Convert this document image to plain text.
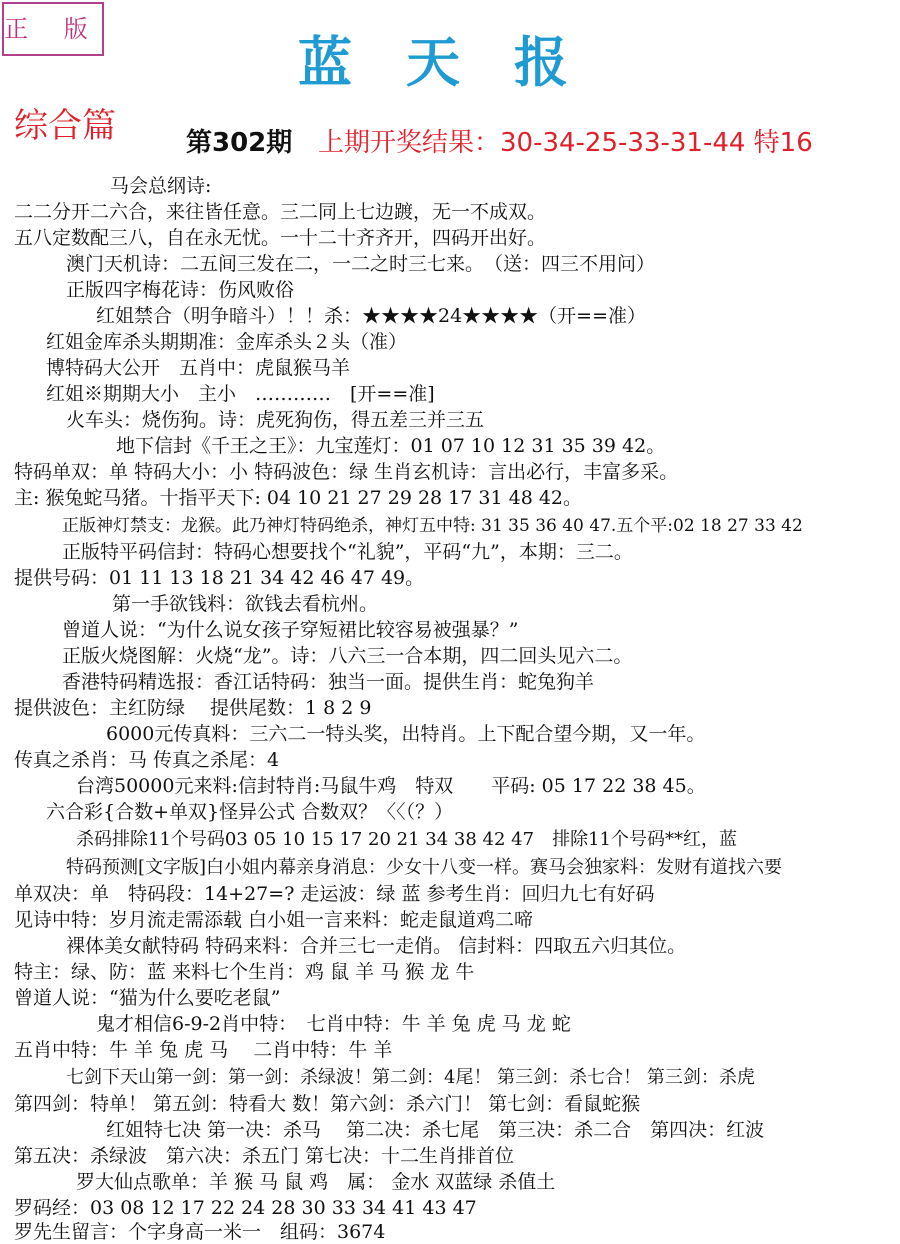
正 版
蓝天报
综合篇	第302期 上期开奖结果：30-34-25-33-31-44 特16
马会总纲诗:
二二分开二六合，来往皆任意。三二同上七边踱，无一不成双。
五八定数配三八，自在永无忧。一十二十齐齐开，四码开出好。
澳门天机诗：二五间三发在二，一二之时三七来。　（送：四三不用问）
正版四字梅花诗：伤风败俗
红姐禁合（明争暗斗）！！杀：★★★★24★★★★（开==准）
红姐金库杀头期期准：金库杀头２头（准）
博特码大公开　五肖中：虎鼠猴马羊
红姐※期期大小　主小　…………　[开==准]
火车头：烧伤狗。诗：虎死狗伤，得五差三并三五
地下信封《千王之王》：九宝莲灯：01 07 10 12 31 35 39 42。
特码单双：单 特码大小：小 特码波色：绿 生肖玄机诗：言出必行，丰富多采。
主: 猴兔蛇马猪。十指平天下: 04 10 21 27 29 28 17 31 48 42。
正版神灯禁支：龙猴。此乃神灯特码绝杀，神灯五中特: 31 35 36 40 47.五个平:02 18 27 33 42
正版特平码信封：特码心想要找个“礼貌”，平码“九”，本期：三二。
提供号码：01 11 13 18 21 34 42 46 47 49。
第一手欲钱料：欲钱去看杭州。
曾道人说：“为什么说女孩子穿短裙比较容易被强暴？”
正版火烧图解：火烧“龙”。诗：八六三一合本期，四二回头见六二。
香港特码精选报：香江话特码：独当一面。提供生肖：蛇兔狗羊
提供波色：主红防绿　 提供尾数：1 8 2 9
6000元传真料：三六二一特头奖，出特肖。上下配合望今期，又一年。
传真之杀肖：马 传真之杀尾：4
台湾50000元来料:信封特肖:马鼠牛鸡　特双　　平码: 05 17 22 38 45。
六合彩{合数+单双}怪异公式 合数双？〈〈（？）
杀码排除11个号码03 05 10 15 17 20 21 34 38 42 47　排除11个号码**红，蓝
特码预测[文字版]白小姐内幕亲身消息：少女十八变一样。赛马会独家料：发财有道找六要
单双决：单　特码段：14+27=? 走运波：绿 蓝 参考生肖：回归九七有好码
见诗中特：岁月流走需添载 白小姐一言来料：蛇走鼠道鸡二啼
裸体美女献特码 特码来料：合并三七一走俏。 信封料：四取五六归其位。
特主：绿、防：蓝 来料七个生肖：鸡 鼠 羊 马 猴 龙 牛
曾道人说：“猫为什么要吃老鼠”
鬼才相信6-9-2肖中特：　七肖中特：牛 羊 兔 虎 马 龙 蛇
五肖中特：牛 羊 兔 虎 马　 二肖中特：牛 羊
七剑下天山第一剑：第一剑：杀绿波！第二剑：4尾！ 第三剑：杀七合！ 第三剑：杀虎
第四剑：特单！ 第五剑：特看大 数！第六剑：杀六门！ 第七剑：看鼠蛇猴
红姐特七决 第一决：杀马　 第二决：杀七尾　第三决：杀二合　第四决：红波
第五决：杀绿波　第六决：杀五门 第七决：十二生肖排首位
罗大仙点歌单：羊 猴 马 鼠 鸡　属： 金水 双蓝绿 杀值土
罗码经：03 08 12 17 22 24 28 30 33 34 41 43 47
罗先生留言：个字身高一米一　组码：3674
